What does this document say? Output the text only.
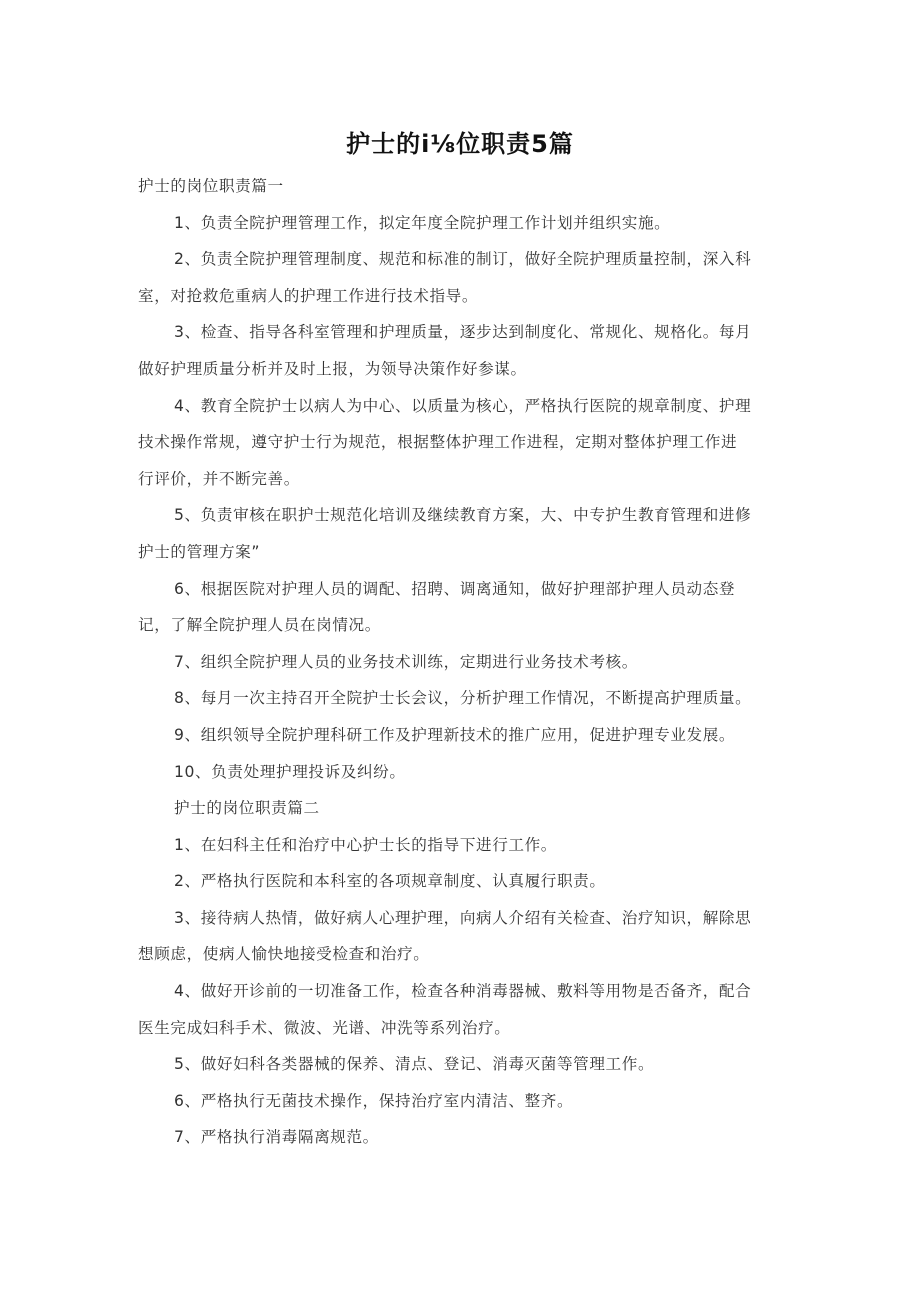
护士的i⅛位职责5篇
护士的岗位职责篇一
1、负责全院护理管理工作，拟定年度全院护理工作计划并组织实施。
2、负责全院护理管理制度、规范和标准的制订，做好全院护理质量控制，深入科
室，对抢救危重病人的护理工作进行技术指导。
3、检查、指导各科室管理和护理质量，逐步达到制度化、常规化、规格化。每月
做好护理质量分析并及时上报，为领导决策作好参谋。
4、教育全院护士以病人为中心、以质量为核心，严格执行医院的规章制度、护理
技术操作常规，遵守护士行为规范，根据整体护理工作进程，定期对整体护理工作进
行评价，并不断完善。
5、负责审核在职护士规范化培训及继续教育方案，大、中专护生教育管理和进修
护士的管理方案”
6、根据医院对护理人员的调配、招聘、调离通知，做好护理部护理人员动态登
记，了解全院护理人员在岗情况。
7、组织全院护理人员的业务技术训练，定期进行业务技术考核。
8、每月一次主持召开全院护士长会议，分析护理工作情况，不断提高护理质量。
9、组织领导全院护理科研工作及护理新技术的推广应用，促进护理专业发展。
10、负责处理护理投诉及纠纷。
护士的岗位职责篇二
1、在妇科主任和治疗中心护士长的指导下进行工作。
2、严格执行医院和本科室的各项规章制度、认真履行职责。
3、接待病人热情，做好病人心理护理，向病人介绍有关检查、治疗知识，解除思
想顾虑，使病人愉快地接受检查和治疗。
4、做好开诊前的一切准备工作，检查各种消毒器械、敷料等用物是否备齐，配合
医生完成妇科手术、微波、光谱、冲洗等系列治疗。
5、做好妇科各类器械的保养、清点、登记、消毒灭菌等管理工作。
6、严格执行无菌技术操作，保持治疗室内清洁、整齐。
7、严格执行消毒隔离规范。
